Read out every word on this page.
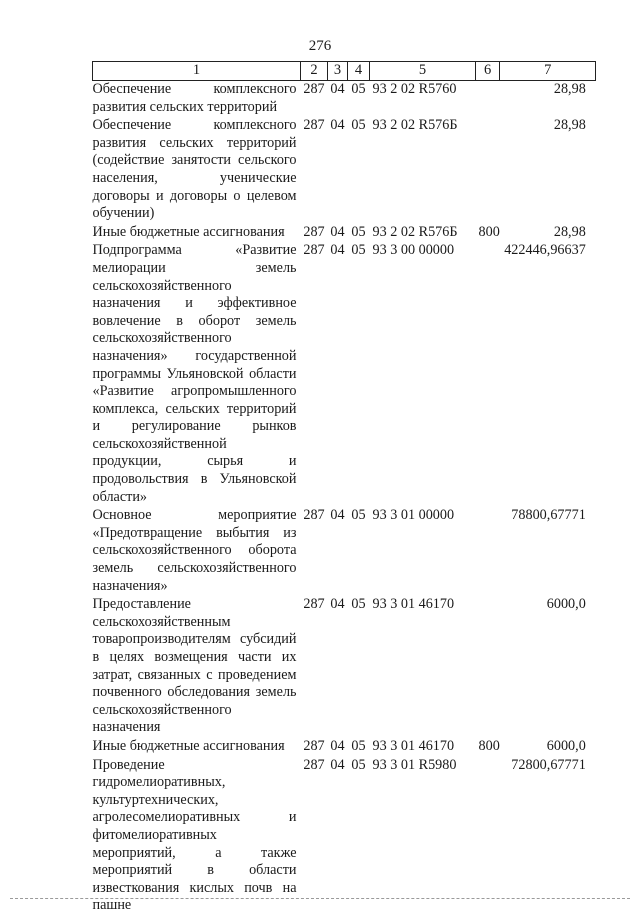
276
1	2	3	4	5	6	7
Обеспечение комплексного развития сельских территорий	287	04	05	93 2 02 R5760		28,98
Обеспечение комплексного развития сельских территорий (содействие занятости сельского населения, ученические договоры и договоры о целевом обучении)	287	04	05	93 2 02 R576Б		28,98
Иные бюджетные ассигнования	287	04	05	93 2 02 R576Б	800	28,98
Подпрограмма «Развитие мелиорации земель сельскохозяйственного назначения и эффективное вовлечение в оборот земель сельскохозяйственного назначения» государственной программы Ульяновской области «Развитие агропромышленного комплекса, сельских территорий и регулирование рынков сельскохозяйственной продукции, сырья и продовольствия в Ульяновской области»	287	04	05	93 3 00 00000		422446,96637
Основное мероприятие «Предотвращение выбытия из сельскохозяйственного оборота земель сельскохозяйственного назначения»	287	04	05	93 3 01 00000		78800,67771
Предоставление сельскохозяйственным товаропроизводителям субсидий в целях возмещения части их затрат, связанных с проведением почвенного обследования земель сельскохозяйственного назначения	287	04	05	93 3 01 46170		6000,0
Иные бюджетные ассигнования	287	04	05	93 3 01 46170	800	6000,0
Проведение гидромелиоративных, культуртехнических, агролесомелиоративных и фитомелиоративных мероприятий, а также мероприятий в области известкования кислых почв на пашне	287	04	05	93 3 01 R5980		72800,67771
